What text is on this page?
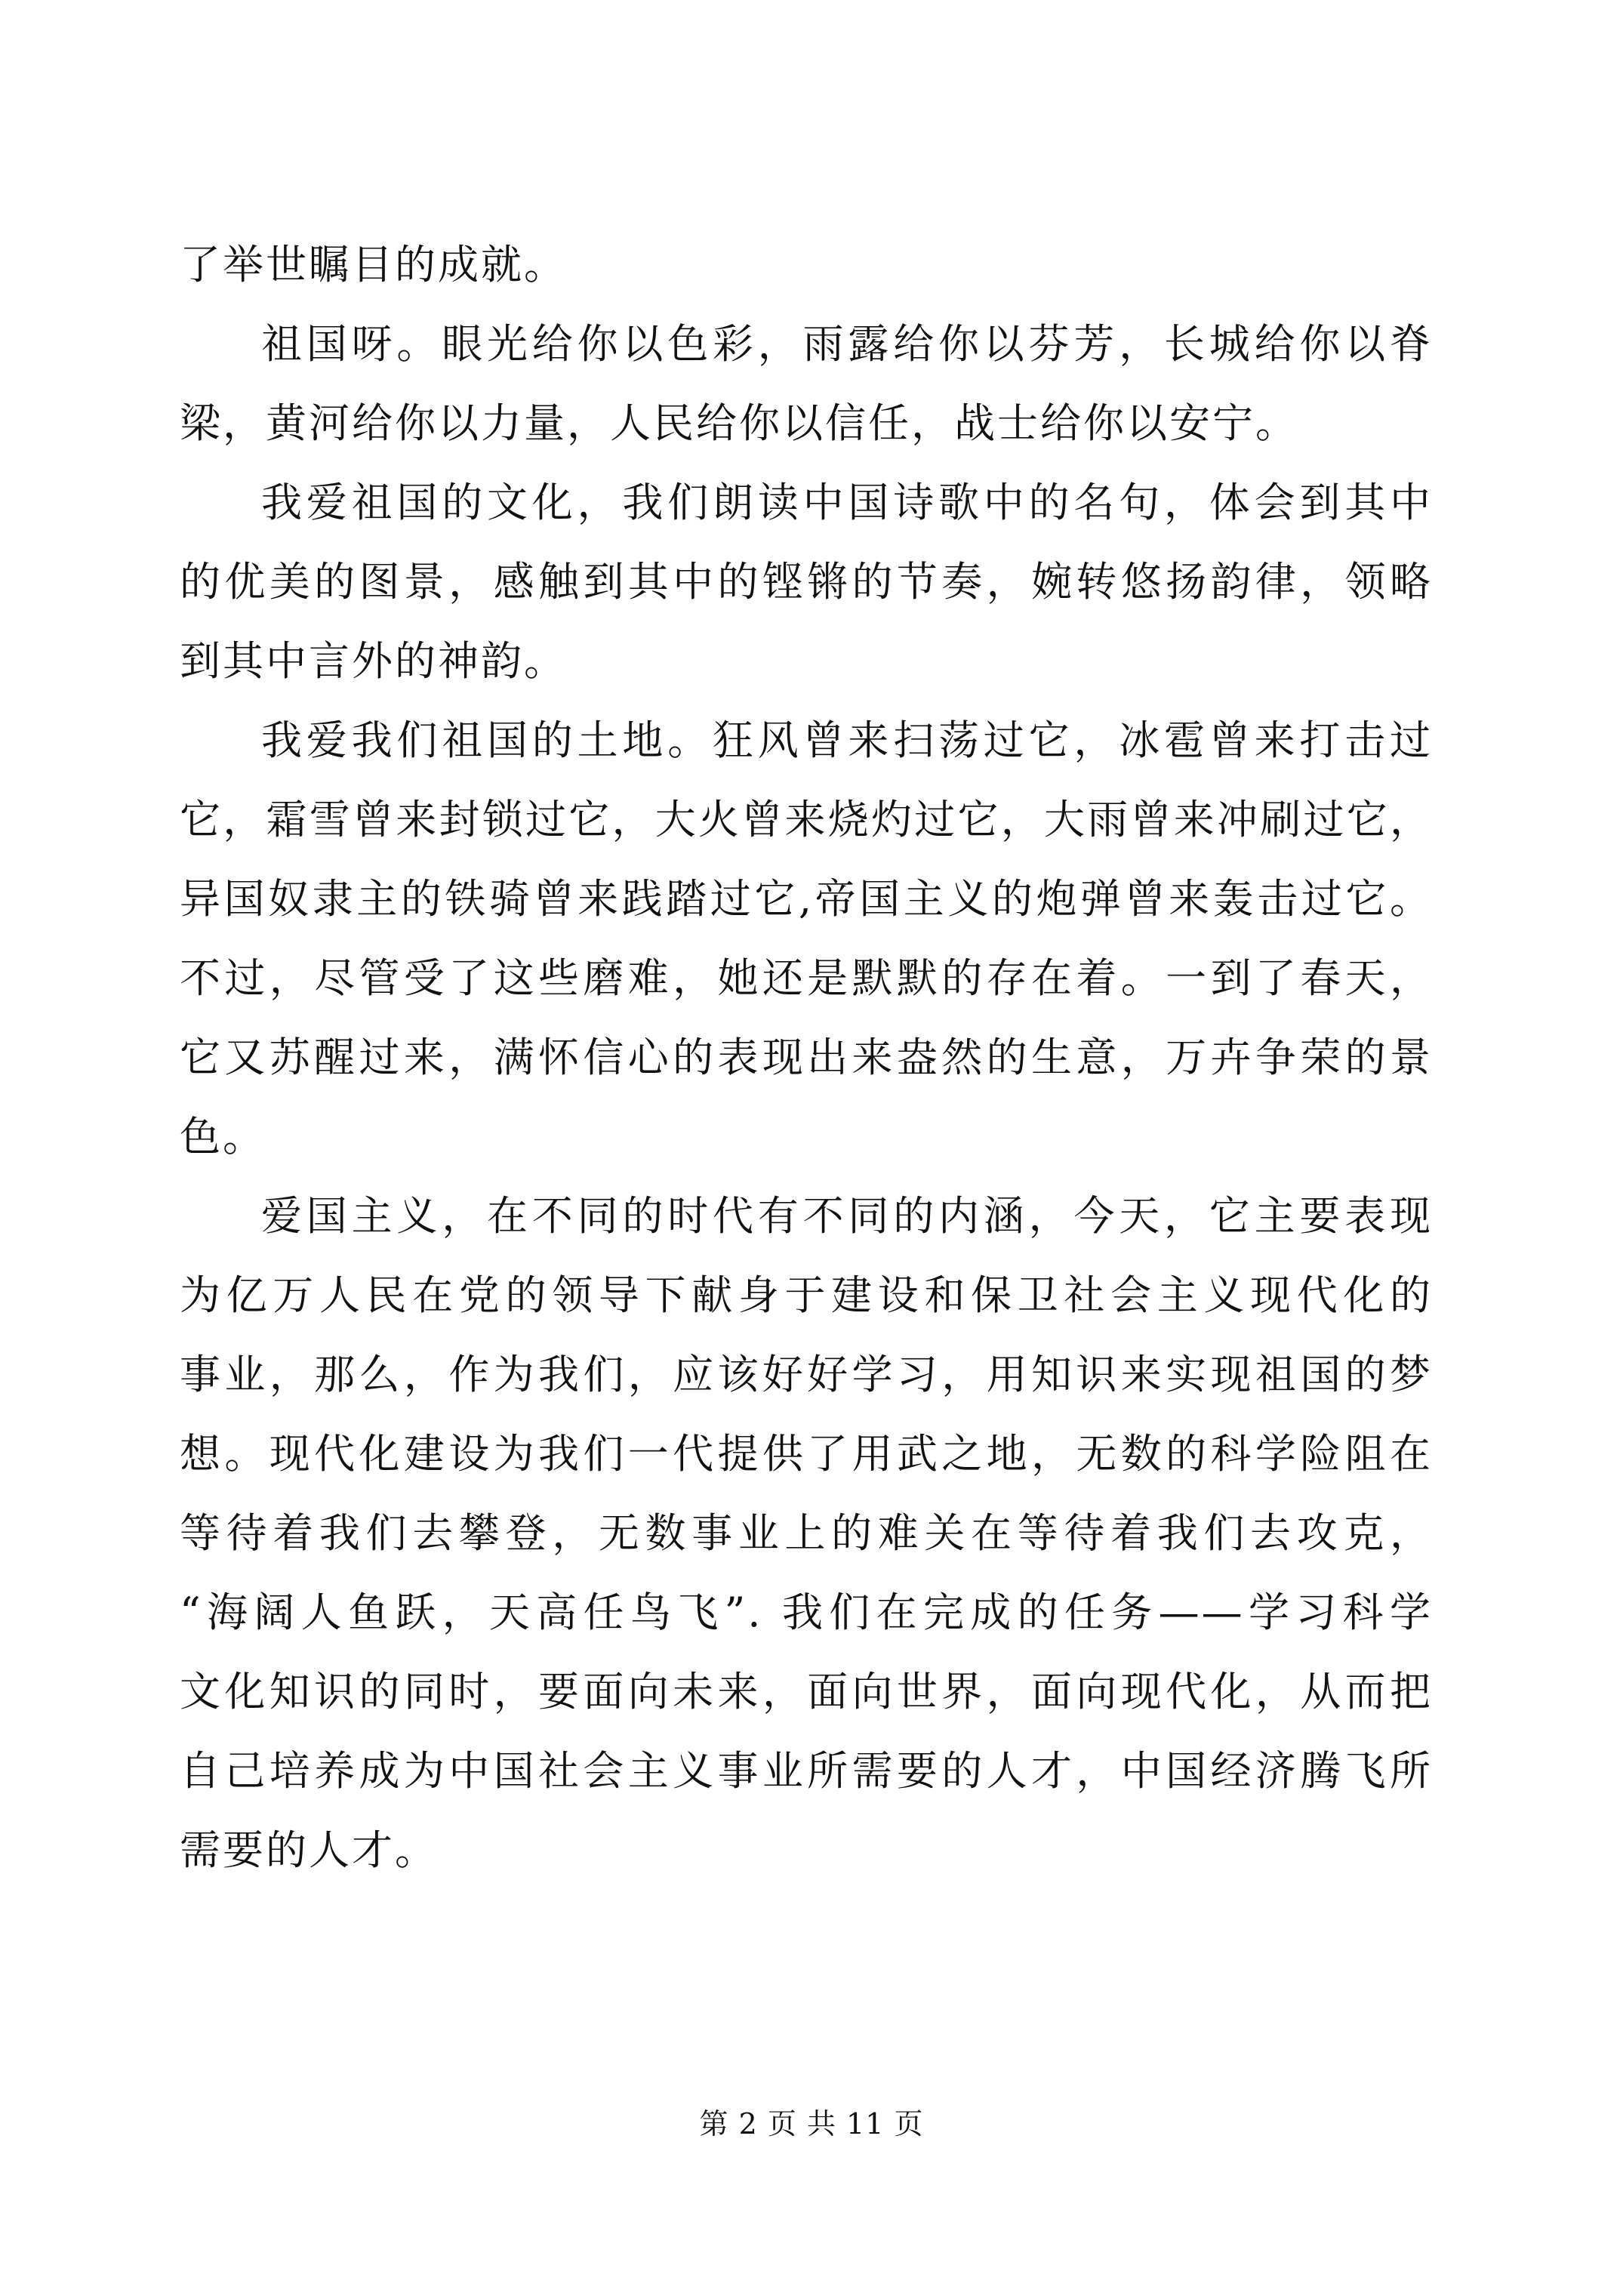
了举世瞩目的成就。
祖国呀。眼光给你以色彩，雨露给你以芬芳，长城给你以脊
梁，黄河给你以力量，人民给你以信任，战士给你以安宁。
我爱祖国的文化，我们朗读中国诗歌中的名句，体会到其中
的优美的图景，感触到其中的铿锵的节奏，婉转悠扬韵律，领略
到其中言外的神韵。
我爱我们祖国的土地。狂风曾来扫荡过它，冰雹曾来打击过
它，霜雪曾来封锁过它，大火曾来烧灼过它，大雨曾来冲刷过它，
异国奴隶主的铁骑曾来践踏过它,帝国主义的炮弹曾来轰击过它。
不过，尽管受了这些磨难，她还是默默的存在着。一到了春天，
它又苏醒过来，满怀信心的表现出来盎然的生意，万卉争荣的景
色。
爱国主义，在不同的时代有不同的内涵，今天，它主要表现
为亿万人民在党的领导下献身于建设和保卫社会主义现代化的
事业，那么，作为我们，应该好好学习，用知识来实现祖国的梦
想。现代化建设为我们一代提供了用武之地，无数的科学险阻在
等待着我们去攀登，无数事业上的难关在等待着我们去攻克，
“海阔人鱼跃，天高任鸟飞”. 我们在完成的任务——学习科学
文化知识的同时，要面向未来，面向世界，面向现代化，从而把
自己培养成为中国社会主义事业所需要的人才，中国经济腾飞所
需要的人才。
第 2 页 共 11 页
